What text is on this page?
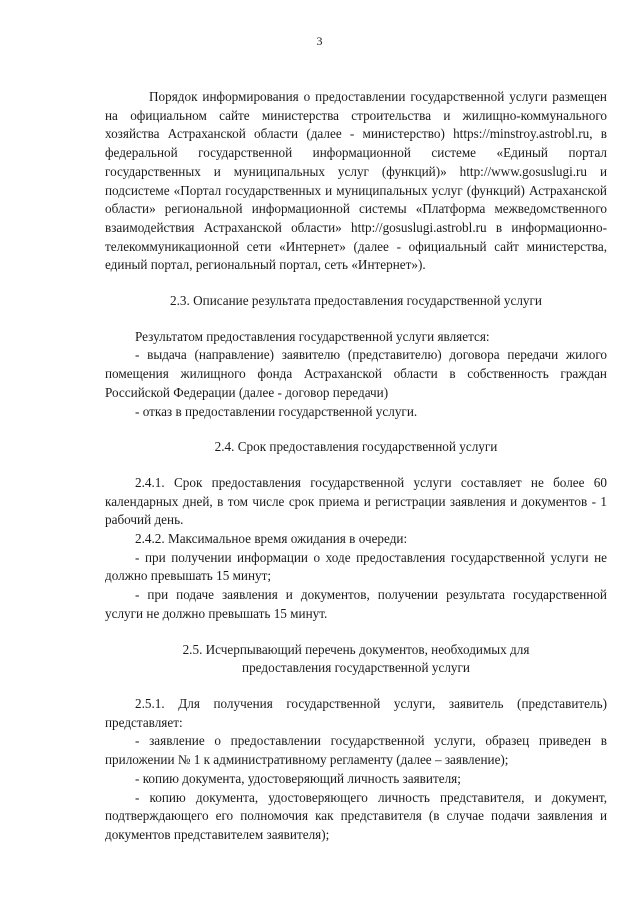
3

Порядок информирования о предоставлении государственной услуги размещен на официальном сайте министерства строительства и жилищно-коммунального хозяйства Астраханской области (далее - министерство) https://minstroy.astrobl.ru, в федеральной государственной информационной системе «Единый портал государственных и муниципальных услуг (функций)» http://www.gosuslugi.ru и подсистеме «Портал государственных и муниципальных услуг (функций) Астраханской области» региональной информационной системы «Платформа межведомственного взаимодействия Астраханской области» http://gosuslugi.astrobl.ru в информационно-телекоммуникационной сети «Интернет» (далее - официальный сайт министерства, единый портал, региональный портал, сеть «Интернет»).

2.3. Описание результата предоставления государственной услуги

Результатом предоставления государственной услуги является:

- выдача (направление) заявителю (представителю) договора передачи жилого помещения жилищного фонда Астраханской области в собственность граждан Российской Федерации (далее - договор передачи)

- отказ в предоставлении государственной услуги.

2.4. Срок предоставления государственной услуги

2.4.1. Срок предоставления государственной услуги составляет не более 60 календарных дней, в том числе срок приема и регистрации заявления и документов - 1 рабочий день.

2.4.2. Максимальное время ожидания в очереди:

- при получении информации о ходе предоставления государственной услуги не должно превышать 15 минут;

- при подаче заявления и документов, получении результата государственной услуги не должно превышать 15 минут.

2.5. Исчерпывающий перечень документов, необходимых для

предоставления государственной услуги

2.5.1. Для получения государственной услуги, заявитель (представитель) представляет:

- заявление о предоставлении государственной услуги, образец приведен в приложении № 1 к административному регламенту (далее – заявление);

- копию документа, удостоверяющий личность заявителя;

- копию документа, удостоверяющего личность представителя, и документ, подтверждающего его полномочия как представителя (в случае подачи заявления и документов представителем заявителя);
